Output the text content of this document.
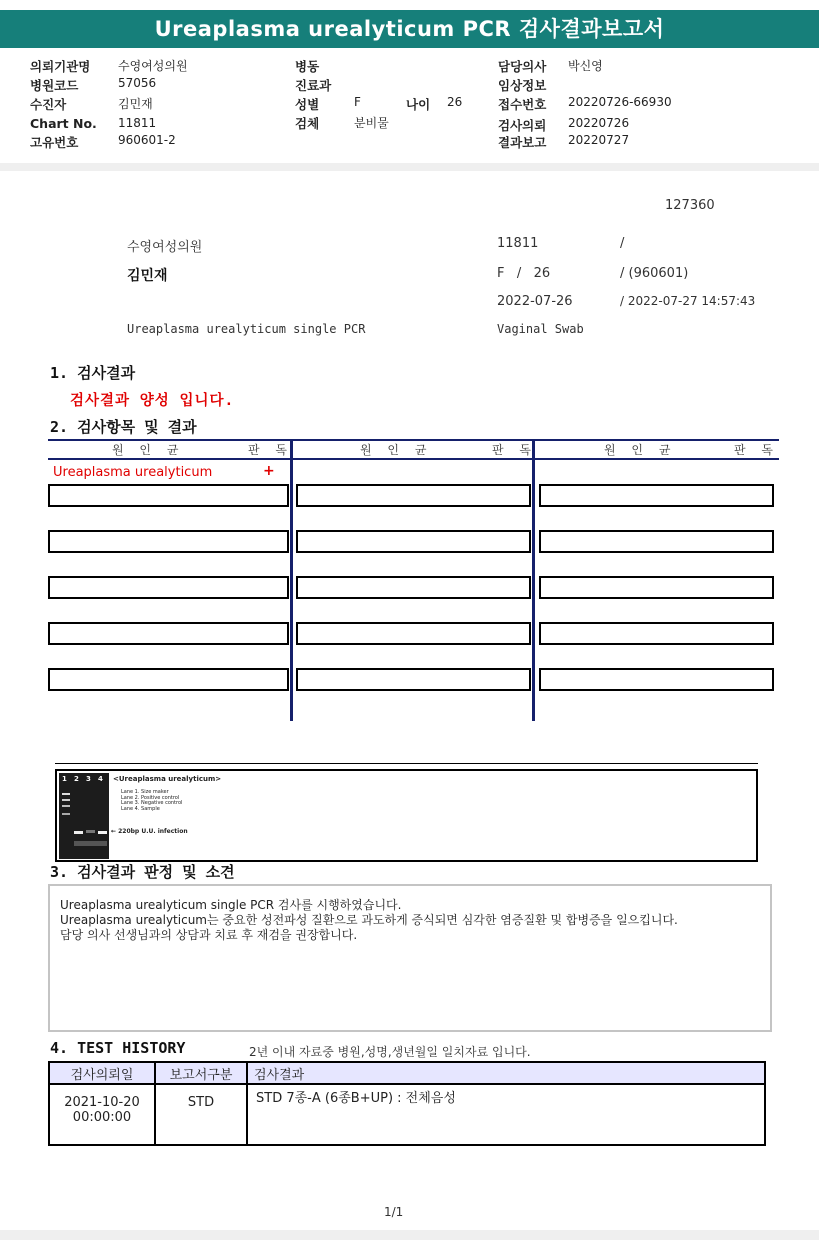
Ureaplasma urealyticum PCR 검사결과보고서
의뢰기관명 수영여성의원
병원코드	57056
수진자	김민재
Chart No. 11811
고유번호	960601-2
병동
진료과
성별	F	나이 26
검체	분비물
담당의사 박신영
임상정보
접수번호 20220726-66930
검사의뢰 20220726
결과보고 20220727
127360
수영여성의원	11811	/
김민재	F   /   26	/ (960601)
2022-07-26	/ 2022-07-27 14:57:43
Ureaplasma urealyticum single PCR	Vaginal Swab
1. 검사결과
검사결과 양성 입니다.
2. 검사항목 및 결과
원 인 균	판 독	원 인 균	판 독	원 인 균	판 독
Ureaplasma urealyticum	+
1 2 3 4 <Ureaplasma urealyticum>
Lane 1. Size maker
Lane 2. Positive control
Lane 3. Negative control
Lane 4. Sample
← 220bp U.U. infection
3. 검사결과 판정 및 소견
Ureaplasma urealyticum single PCR 검사를 시행하였습니다.
Ureaplasma urealyticum는 중요한 성전파성 질환으로 과도하게 증식되면 심각한 염증질환 및 합병증을 일으킵니다.
담당 의사 선생님과의 상담과 치료 후 재검을 권장합니다.
4. TEST HISTORY	2년 이내 자료중 병원,성명,생년월일 일치자료 입니다.
검사의뢰일	보고서구분	검사결과

2021-10-20
00:00:00	STD	STD 7종-A (6종B+UP) : 전체음성
1/1
